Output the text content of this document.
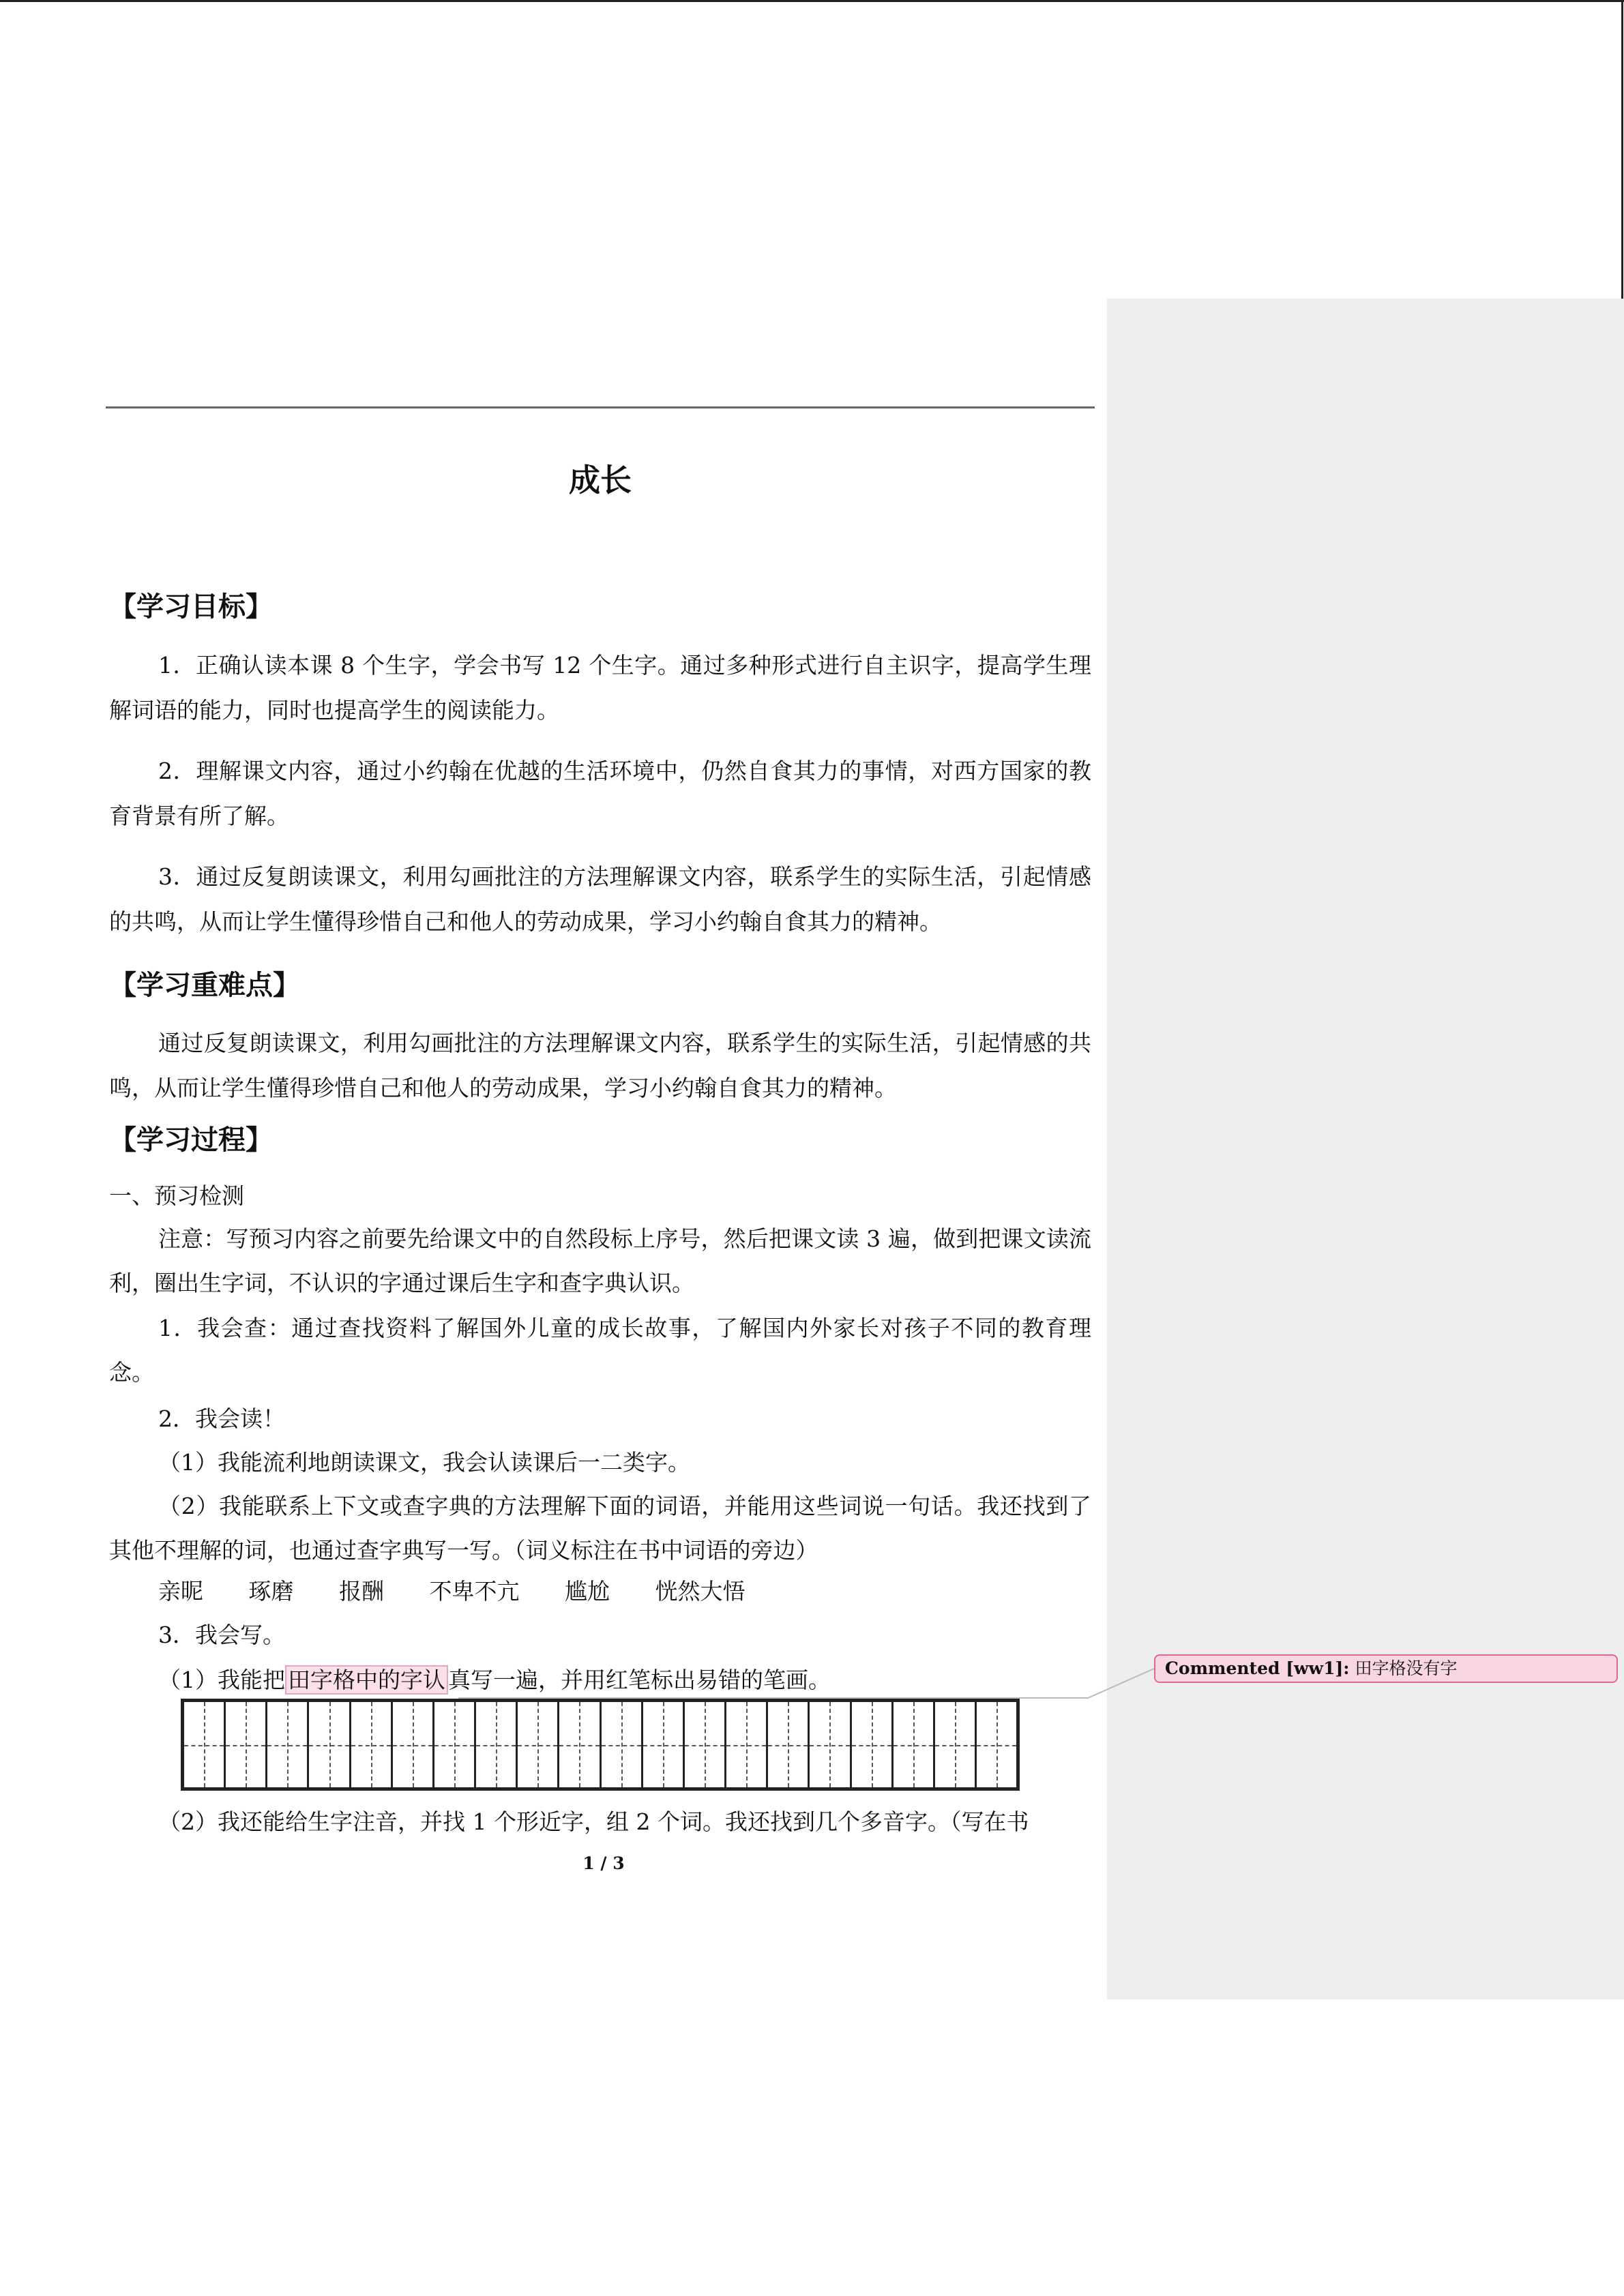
成长
【学习目标】

1．正确认读本课 8 个生字，学会书写 12 个生字。通过多种形式进行自主识字，提高学生理解词语的能力，同时也提高学生的阅读能力。

2．理解课文内容，通过小约翰在优越的生活环境中，仍然自食其力的事情，对西方国家的教育背景有所了解。

3．通过反复朗读课文，利用勾画批注的方法理解课文内容，联系学生的实际生活，引起情感的共鸣，从而让学生懂得珍惜自己和他人的劳动成果，学习小约翰自食其力的精神。

【学习重难点】

通过反复朗读课文，利用勾画批注的方法理解课文内容，联系学生的实际生活，引起情感的共鸣，从而让学生懂得珍惜自己和他人的劳动成果，学习小约翰自食其力的精神。

【学习过程】

一、预习检测

注意：写预习内容之前要先给课文中的自然段标上序号，然后把课文读 3 遍，做到把课文读流利，圈出生字词，不认识的字通过课后生字和查字典认识。

1．我会查：通过查找资料了解国外儿童的成长故事，了解国内外家长对孩子不同的教育理念。

2．我会读！

（1）我能流利地朗读课文，我会认读课后一二类字。

（2）我能联系上下文或查字典的方法理解下面的词语，并能用这些词说一句话。我还找到了其他不理解的词，也通过查字典写一写。（词义标注在书中词语的旁边）

亲昵 琢磨 报酬 不卑不亢 尴尬 恍然大悟

3．我会写。

（1）我能把 田字格中的字认 真写一遍，并用红笔标出易错的笔画。

（2）我还能给生字注音，并找 1 个形近字，组 2 个词。我还找到几个多音字。（写在书

1 / 3
Commented [ww1]: 田字格没有字
